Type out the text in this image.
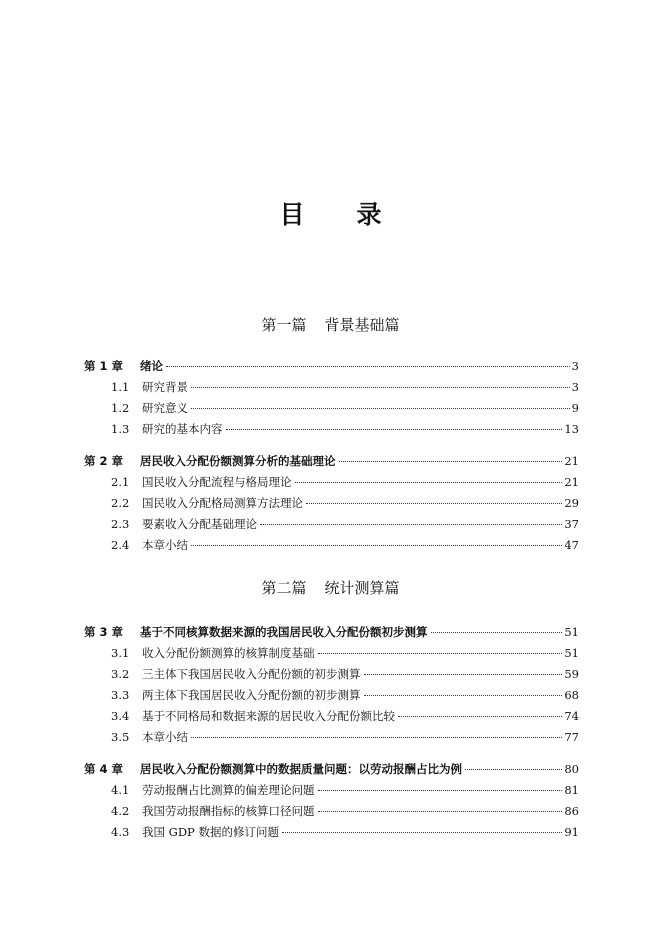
目 录
第一篇 背景基础篇
第 1 章	绪论	3
1.1	研究背景	3
1.2	研究意义	9
1.3	研究的基本内容	13
第 2 章	居民收入分配份额测算分析的基础理论	21
2.1	国民收入分配流程与格局理论	21
2.2	国民收入分配格局测算方法理论	29
2.3	要素收入分配基础理论	37
2.4	本章小结	47
第二篇 统计测算篇
第 3 章	基于不同核算数据来源的我国居民收入分配份额初步测算	51
3.1	收入分配份额测算的核算制度基础	51
3.2	三主体下我国居民收入分配份额的初步测算	59
3.3	两主体下我国居民收入分配份额的初步测算	68
3.4	基于不同格局和数据来源的居民收入分配份额比较	74
3.5	本章小结	77
第 4 章	居民收入分配份额测算中的数据质量问题：以劳动报酬占比为例	80
4.1	劳动报酬占比测算的偏差理论问题	81
4.2	我国劳动报酬指标的核算口径问题	86
4.3	我国 GDP 数据的修订问题	91
